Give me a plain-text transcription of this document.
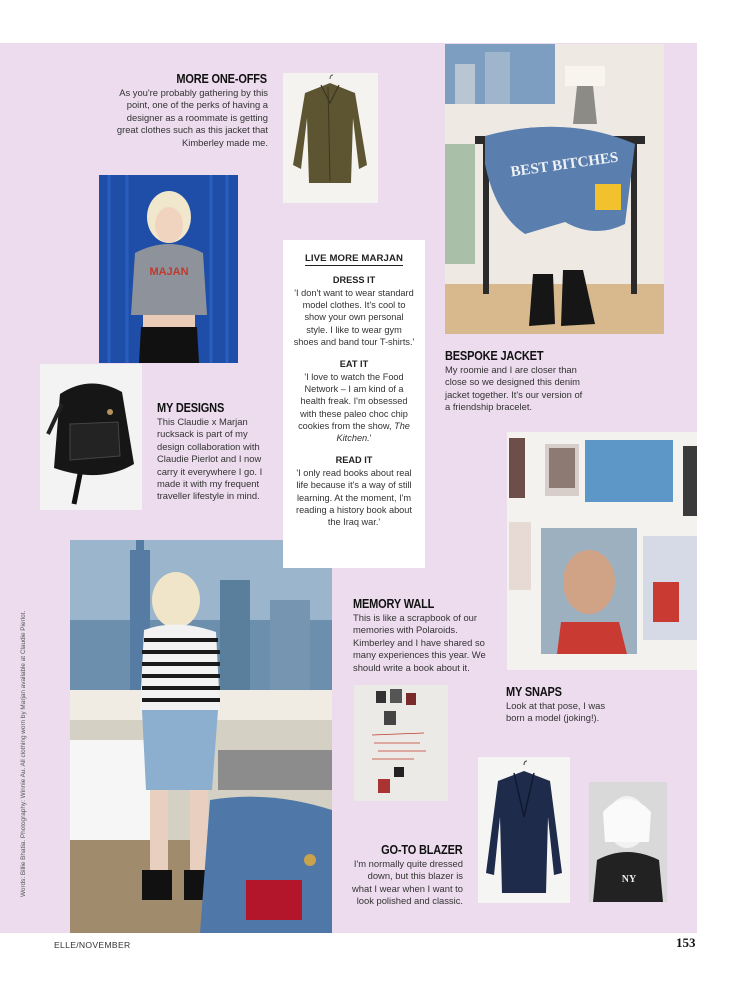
MAJAN
BEST BITCHES
NY
LIVE MORE MARJAN
DRESS IT
'I don't want to wear standard model clothes. It's cool to show your own personal style. I like to wear gym shoes and band tour T-shirts.'
EAT IT
'I love to watch the Food Network – I am kind of a health freak. I'm obsessed with these paleo choc chip cookies from the show, The Kitchen.'
READ IT
'I only read books about real life because it's a way of still learning. At the moment, I'm reading a history book about the Iraq war.'
MORE ONE-OFFS
As you're probably gathering by this point, one of the perks of having a designer as a roommate is getting great clothes such as this jacket that Kimberley made me.
MY DESIGNS
This Claudie x Marjan rucksack is part of my design collaboration with Claudie Pierlot and I now carry it everywhere I go. I made it with my frequent traveller lifestyle in mind.
BESPOKE JACKET
My roomie and I are closer than close so we designed this denim jacket together. It's our version of a friendship bracelet.
MEMORY WALL
This is like a scrapbook of our memories with Polaroids. Kimberley and I have shared so many experiences this year. We should write a book about it.
MY SNAPS
Look at that pose, I was born a model (joking!).
GO-TO BLAZER
I'm normally quite dressed down, but this blazer is what I wear when I want to look polished and classic.
Words: Billie Bhatia. Photography: Winnie Au. All clothing worn by Marjan available at Claudie Pierlot.
ELLE/NOVEMBER	153
